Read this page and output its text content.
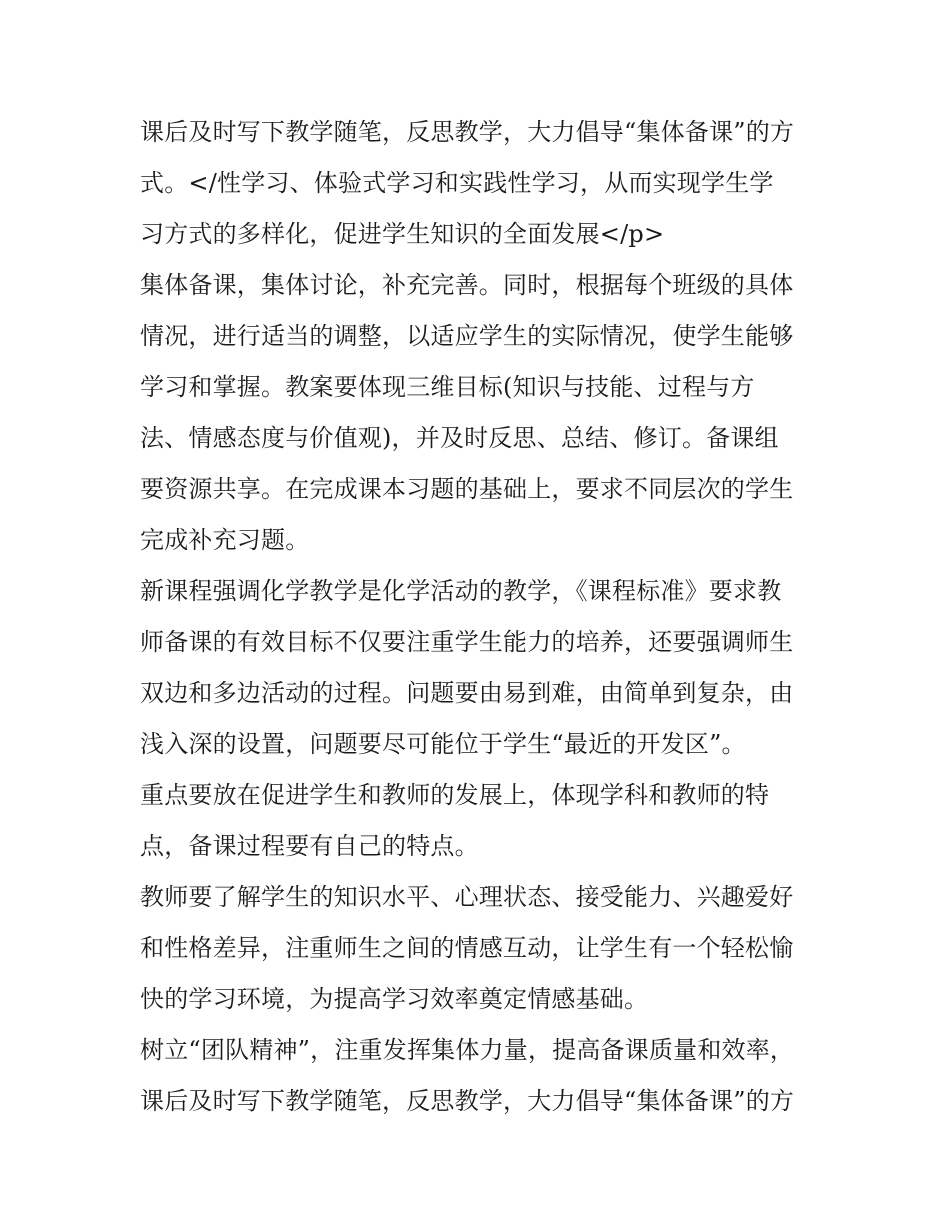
课后及时写下教学随笔，反思教学，大力倡导“集体备课”的方
式。</性学习、体验式学习和实践性学习，从而实现学生学
习方式的多样化，促进学生知识的全面发展</p>
集体备课，集体讨论，补充完善。同时，根据每个班级的具体
情况，进行适当的调整，以适应学生的实际情况，使学生能够
学习和掌握。教案要体现三维目标(知识与技能、过程与方
法、情感态度与价值观)，并及时反思、总结、修订。备课组
要资源共享。在完成课本习题的基础上，要求不同层次的学生
完成补充习题。
新课程强调化学教学是化学活动的教学，《课程标准》要求教
师备课的有效目标不仅要注重学生能力的培养，还要强调师生
双边和多边活动的过程。问题要由易到难，由简单到复杂，由
浅入深的设置，问题要尽可能位于学生“最近的开发区”。
重点要放在促进学生和教师的发展上，体现学科和教师的特
点，备课过程要有自己的特点。
教师要了解学生的知识水平、心理状态、接受能力、兴趣爱好
和性格差异，注重师生之间的情感互动，让学生有一个轻松愉
快的学习环境，为提高学习效率奠定情感基础。
树立“团队精神”，注重发挥集体力量，提高备课质量和效率，
课后及时写下教学随笔，反思教学，大力倡导“集体备课”的方
